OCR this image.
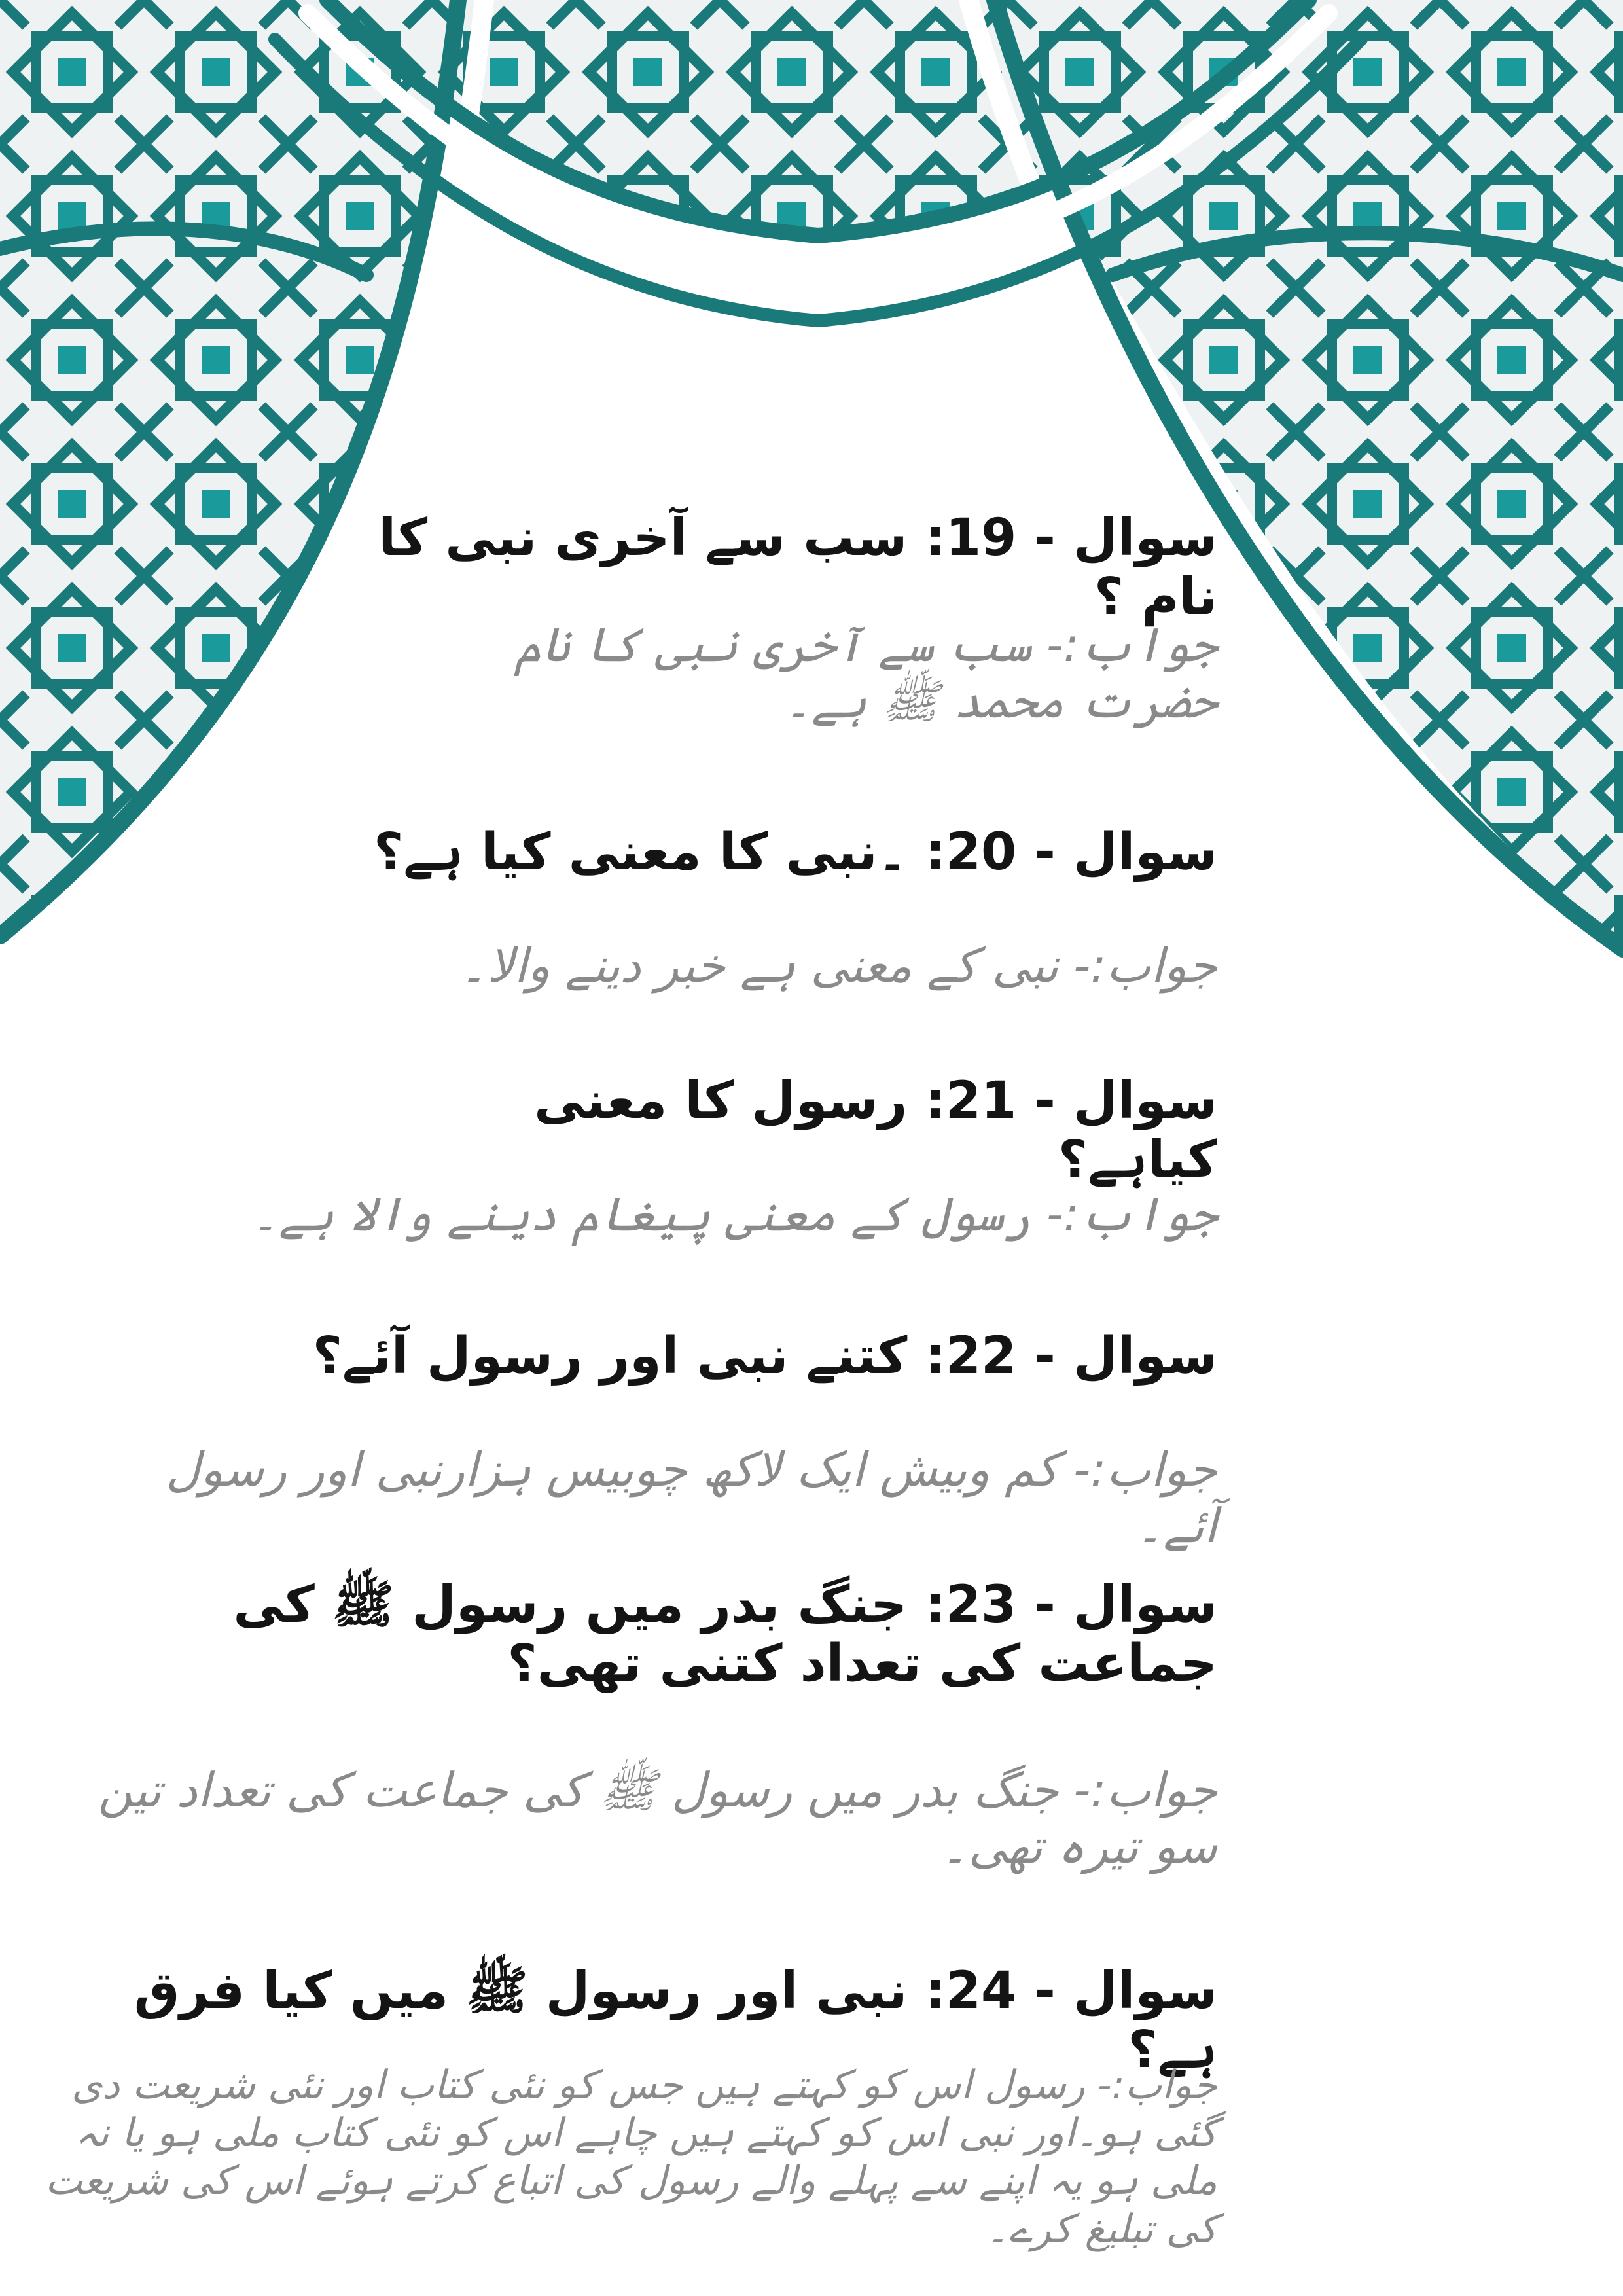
سوال - 19: سب سے آخری نبی کا نام ؟

جواب:- سب سے آخری نبی کا نام حضرت محمد ﷺ ہے۔

سوال - 20: ۔نبی کا معنی کیا ہے؟

جواب:- نبی کے معنی ہے خبر دینے والا۔

سوال - 21: رسول کا معنی کیاہے؟

جواب:- رسول کے معنی پیغام دینے والا ہے۔

سوال - 22: کتنے نبی اور رسول آئے؟

جواب:- کم وبیش ایک لاکھ چوبیس ہزارنبی اور رسول آئے۔

سوال - 23: جنگ بدر میں رسول ﷺ کی جماعت کی تعداد کتنی تھی؟

جواب:- جنگ بدر میں رسول ﷺ کی جماعت کی تعداد تین سو تیرہ تھی۔

سوال - 24: نبی اور رسول ﷺ میں کیا فرق ہے؟

جواب:- رسول اس کو کہتے ہیں جس کو نئی کتاب اور نئی شریعت دی گئی ہو۔اور نبی اس کو کہتے ہیں چاہے اس کو نئی کتاب ملی ہو یا نہ ملی ہو یہ اپنے سے پہلے والے رسول کی اتباع کرتے ہوئے اس کی شریعت کی تبلیغ کرے۔
